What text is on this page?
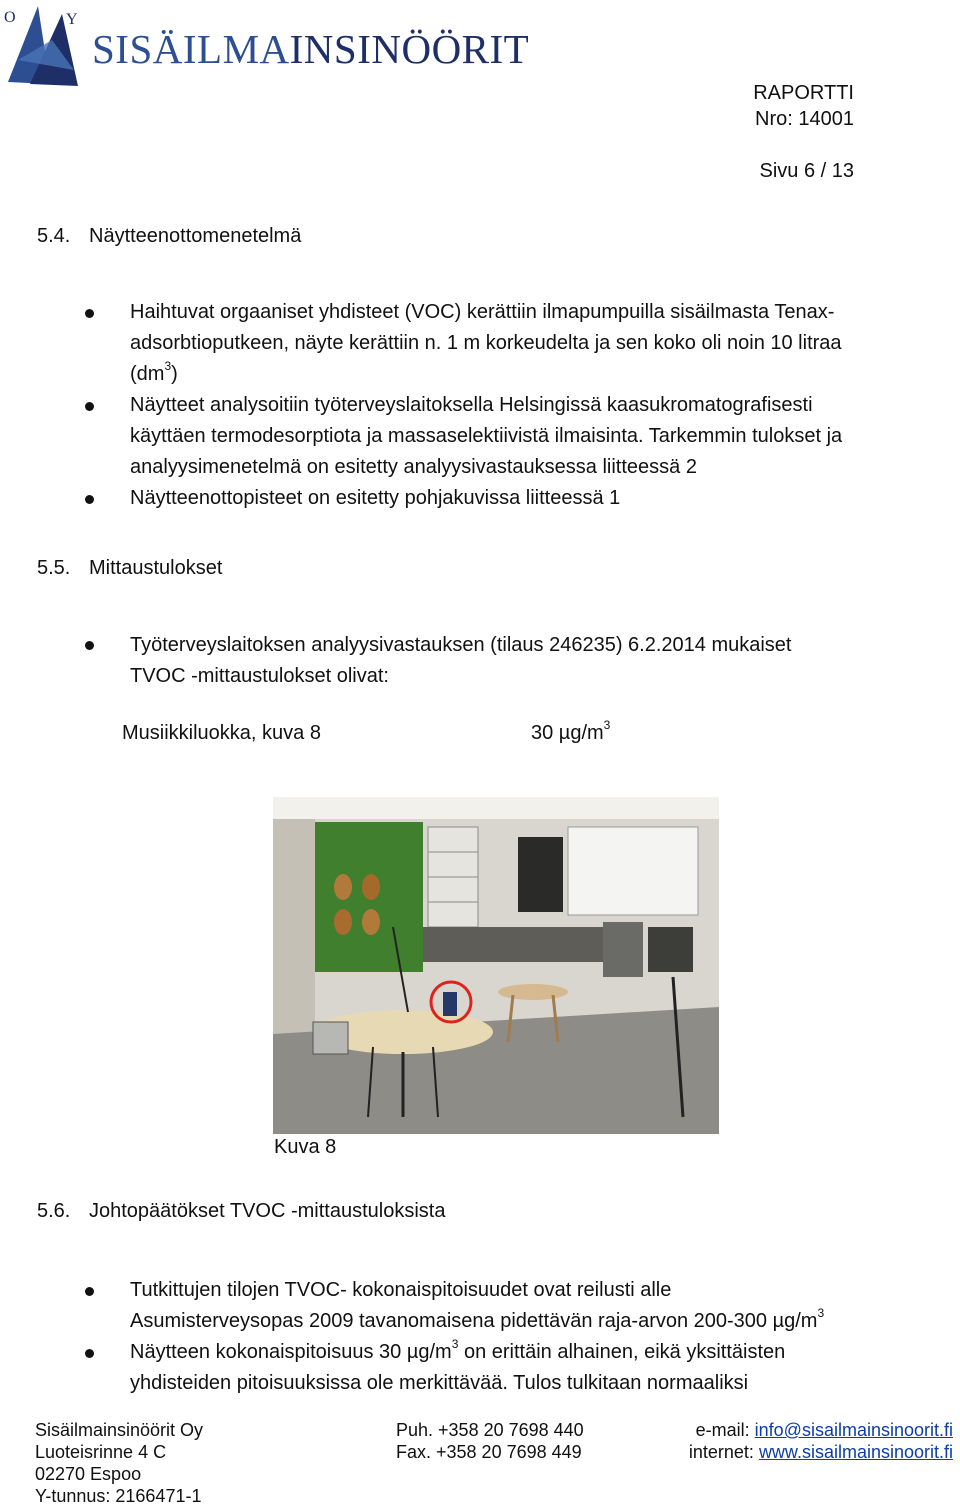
O	Y
SISÄILMAINSINÖÖRIT
RAPORTTI
Nro: 14001
Sivu 6 / 13
5.4. Näytteenottomenetelmä
Haihtuvat orgaaniset yhdisteet (VOC) kerättiin ilmapumpuilla sisäilmasta Tenax-
adsorbtioputkeen, näyte kerättiin n. 1 m korkeudelta ja sen koko oli noin 10 litraa
$(dm^3)$
Näytteet analysoitiin työterveyslaitoksella Helsingissä kaasukromatografisesti
käyttäen termodesorptiota ja massaselektiivistä ilmaisinta. Tarkemmin tulokset ja
analyysimenetelmä on esitetty analyysivastauksessa liitteessä 2
Näytteenottopisteet on esitetty pohjakuvissa liitteessä 1
5.5. Mittaustulokset
Työterveyslaitoksen analyysivastauksen (tilaus 246235) 6.2.2014 mukaiset
TVOC -mittaustulokset olivat:
Musiikkiluokka, kuva 8	30 $\mu g/m^3$
Kuva 8
5.6. Johtopäätökset TVOC -mittaustuloksista
Tutkittujen tilojen TVOC- kokonaispitoisuudet ovat reilusti alle
Asumisterveysopas 2009 tavanomaisena pidettävän raja-arvon 200-300 $\mu g/m^3$
Näytteen kokonaispitoisuus 30 $\mu g/m^3$ on erittäin alhainen, eikä yksittäisten
yhdisteiden pitoisuuksissa ole merkittävää. Tulos tulkitaan normaaliksi
Sisäilmainsinöörit Oy
Luoteisrinne 4 C
02270 Espoo
Y-tunnus: 2166471-1
Puh. +358 20 7698 440
Fax. +358 20 7698 449
e-mail: info@sisailmainsinoorit.fi
internet: www.sisailmainsinoorit.fi
